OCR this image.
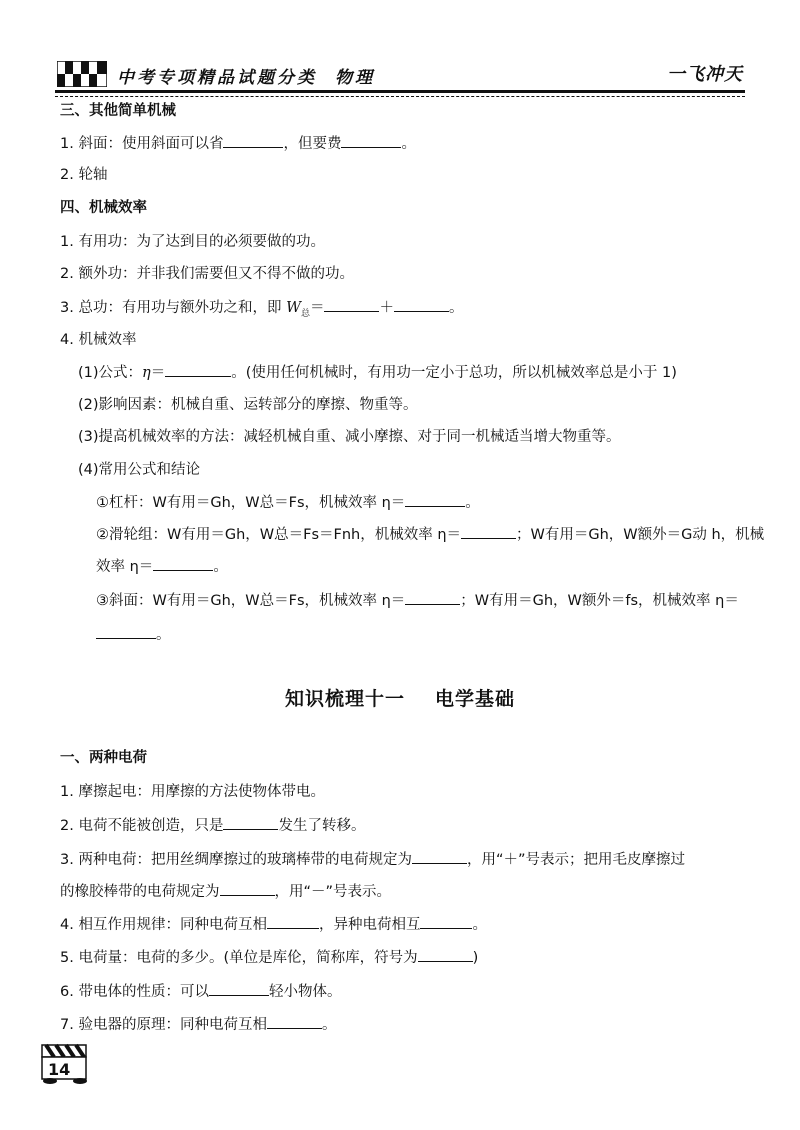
中考专项精品试题分类 物理	一飞冲天
三、其他简单机械
1. 斜面：使用斜面可以省	，但要费	。
2. 轮轴
四、机械效率
1. 有用功：为了达到目的必须要做的功。
2. 额外功：并非我们需要但又不得不做的功。
3. 总功：有用功与额外功之和，即 $W_总=$	＋	。
4. 机械效率
(1)公式：η＝	。(使用任何机械时，有用功一定小于总功，所以机械效率总是小于 1)
(2)影响因素：机械自重、运转部分的摩擦、物重等。
(3)提高机械效率的方法：减轻机械自重、减小摩擦、对于同一机械适当增大物重等。
(4)常用公式和结论
①杠杆：W有用＝Gh，W总＝Fs，机械效率 η＝	。
②滑轮组：W有用＝Gh，W总＝Fs＝Fnh，机械效率 η＝	；W有用＝Gh，W额外＝G动 h，机械
效率 η＝	。
③斜面：W有用＝Gh，W总＝Fs，机械效率 η＝	；W有用＝Gh，W额外＝fs，机械效率 η＝
。
知识梳理十一 电学基础
一、两种电荷
1. 摩擦起电：用摩擦的方法使物体带电。
2. 电荷不能被创造，只是	发生了转移。
3. 两种电荷：把用丝绸摩擦过的玻璃棒带的电荷规定为	，用“＋”号表示；把用毛皮摩擦过
的橡胶棒带的电荷规定为	，用“－”号表示。
4. 相互作用规律：同种电荷互相	，异种电荷相互	。
5. 电荷量：电荷的多少。(单位是库伦，简称库，符号为	)
6. 带电体的性质：可以	轻小物体。
7. 验电器的原理：同种电荷互相	。
14
